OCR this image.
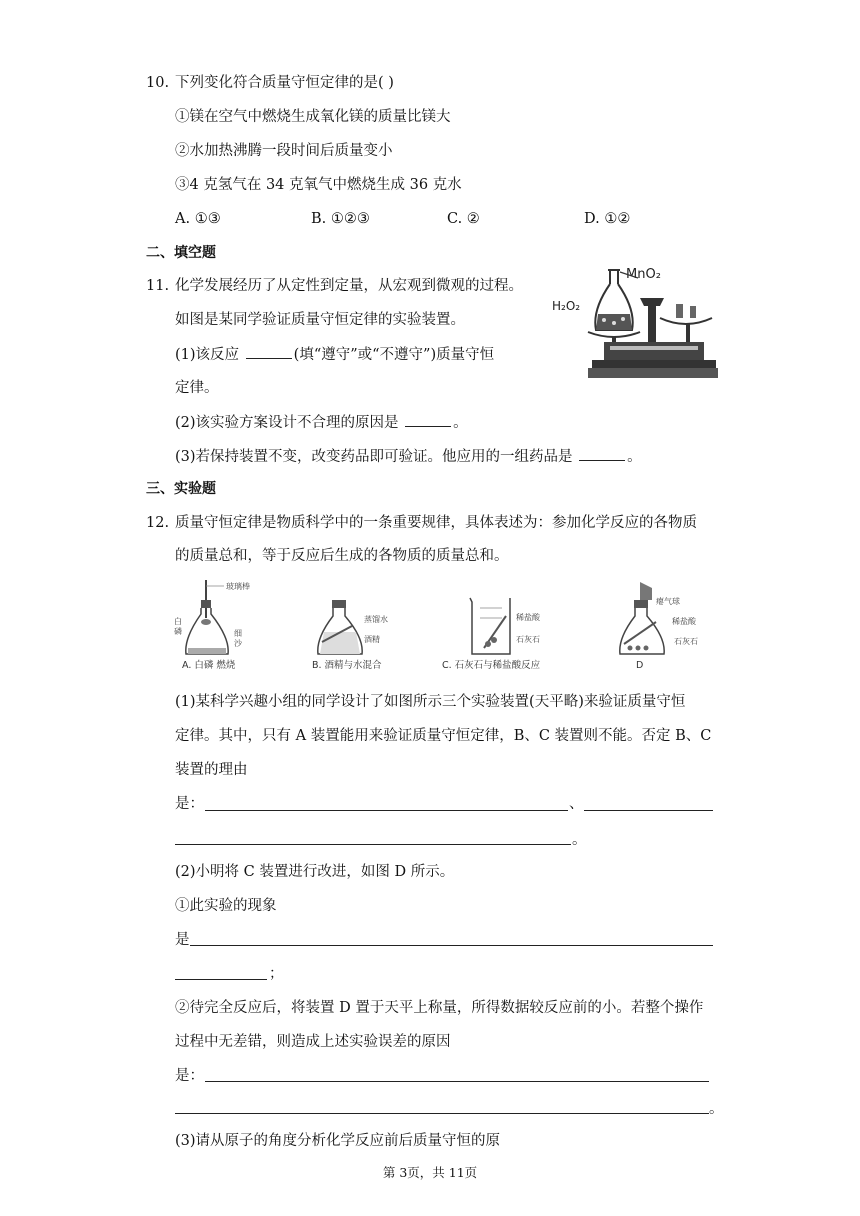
10. 下列变化符合质量守恒定律的是( )
①镁在空气中燃烧生成氧化镁的质量比镁大
②水加热沸腾一段时间后质量变小
③4 克氢气在 34 克氧气中燃烧生成 36 克水
A. ①③	B. ①②③	C. ②	D. ①②
二、填空题
11. 化学发展经历了从定性到定量，从宏观到微观的过程。
如图是某同学验证质量守恒定律的实验装置。
(1)该反应	(填“遵守”或“不遵守”)质量守恒
定律。
(2)该实验方案设计不合理的原因是	。
(3)若保持装置不变，改变药品即可验证。他应用的一组药品是	。
MnO₂
H₂O₂
三、实验题
12. 质量守恒定律是物质科学中的一条重要规律，具体表述为：参加化学反应的各物质
的质量总和，等于反应后生成的各物质的质量总和。
玻璃棒
白
磷	细
沙
A. 白磷 燃烧
蒸馏水
酒精
B. 酒精与水混合
稀盐酸
石灰石
C. 石灰石与稀盐酸反应
瘪气球
稀盐酸
石灰石
D
(1)某科学兴趣小组的同学设计了如图所示三个实验装置(天平略)来验证质量守恒
定律。其中，只有 A 装置能用来验证质量守恒定律，B、C 装置则不能。否定 B、C
装置的理由
是：	、
。
(2)小明将 C 装置进行改进，如图 D 所示。
①此实验的现象
是
；
②待完全反应后，将装置 D 置于天平上称量，所得数据较反应前的小。若整个操作
过程中无差错，则造成上述实验误差的原因
是：
。
(3)请从原子的角度分析化学反应前后质量守恒的原
第 3页，共 11页
